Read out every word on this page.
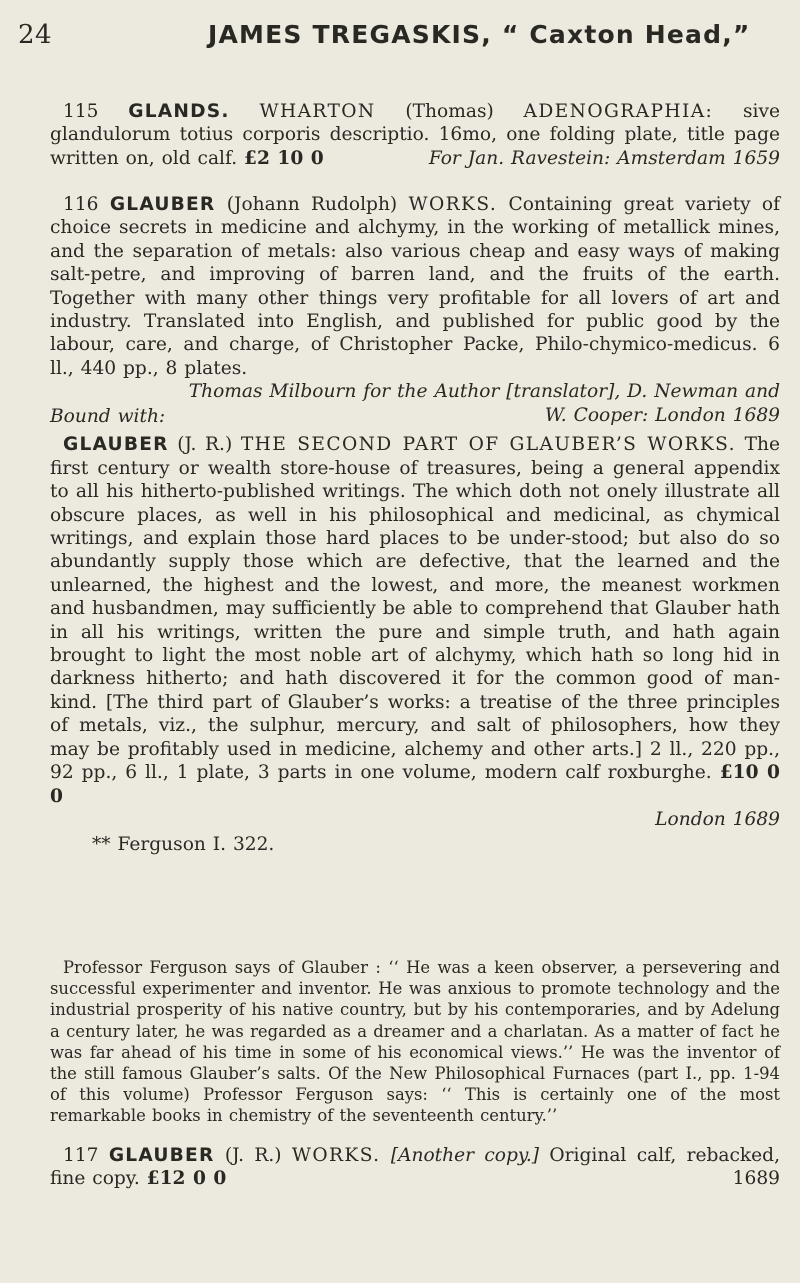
24	JAMES TREGASKIS, “ Caxton Head,”
115 GLANDS. WHARTON (Thomas) ADENOGRAPHIA: sive glandulorum totius corporis descriptio. 16mo, one folding plate, title page written on, old calf. £2 10 0	For Jan. Ravestein: Amsterdam 1659
116 GLAUBER (Johann Rudolph) WORKS. Containing great variety of choice secrets in medicine and alchymy, in the working of metallick mines, and the separation of metals: also various cheap and easy ways of making salt-petre, and improving of barren land, and the fruits of the earth. Together with many other things very profitable for all lovers of art and industry. Translated into English, and published for public good by the labour, care, and charge, of Christopher Packe, Philo-chymico-medicus. 6 ll., 440 pp., 8 plates.
Thomas Milbourn for the Author [translator], D. Newman and
W. Cooper: London 1689
Bound with:
GLAUBER (J. R.) THE SECOND PART OF GLAUBER’S WORKS. The first century or wealth store-house of treasures, being a general appendix to all his hitherto-published writings. The which doth not onely illustrate all obscure places, as well in his philosophical and medicinal, as chymical writings, and explain those hard places to be under-stood; but also do so abundantly supply those which are defective, that the learned and the unlearned, the highest and the lowest, and more, the meanest workmen and husbandmen, may sufficiently be able to comprehend that Glauber hath in all his writings, written the pure and simple truth, and hath again brought to light the most noble art of alchymy, which hath so long hid in darkness hitherto; and hath discovered it for the common good of man-kind. [The third part of Glauber’s works: a treatise of the three principles of metals, viz., the sulphur, mercury, and salt of philosophers, how they may be profitably used in medicine, alchemy and other arts.] 2 ll., 220 pp., 92 pp., 6 ll., 1 plate, 3 parts in one volume, modern calf roxburghe. £10 0 0
London 1689
** Ferguson I. 322.
Professor Ferguson says of Glauber : ‘‘ He was a keen observer, a persevering and successful experimenter and inventor. He was anxious to promote technology and the industrial prosperity of his native country, but by his contemporaries, and by Adelung a century later, he was regarded as a dreamer and a charlatan. As a matter of fact he was far ahead of his time in some of his economical views.’’ He was the inventor of the still famous Glauber’s salts. Of the New Philosophical Furnaces (part I., pp. 1-94 of this volume) Professor Ferguson says: ‘‘ This is certainly one of the most remarkable books in chemistry of the seventeenth century.’’
117 GLAUBER (J. R.) WORKS. [Another copy.] Original calf, rebacked, fine copy. £12 0 0	1689
